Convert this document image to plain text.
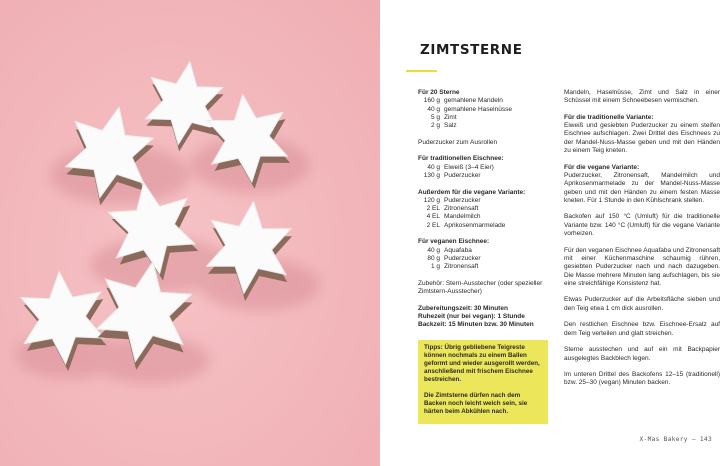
ZIMTSTERNE
Für 20 Sterne
160 g gemahlene Mandeln
40 g gemahlene Haselnüsse
5 g Zimt
2 g Salz
Puderzucker zum Ausrollen
Für traditionellen Eischnee:
40 g Eiweiß (3–4 Eier)
130 g Puderzucker
Außerdem für die vegane Variante:
120 g Puderzucker
2 EL Zitronensaft
4 EL Mandelmilch
2 EL Aprikosenmarmelade
Für veganen Eischnee:
40 g Aquafaba
80 g Puderzucker
1 g Zitronensaft
Zubehör: Stern-Ausstecher (oder spezieller Zimtstern-Ausstecher)
Zubereitungszeit: 30 Minuten
Ruhezeit (nur bei vegan): 1 Stunde
Backzeit: 15 Minuten bzw. 30 Minuten

Tipps: Übrig gebliebene Teigreste können nochmals zu einem Ballen geformt und wieder ausgerollt werden, anschließend mit frischem Eischnee bestreichen.

Die Zimtsterne dürfen nach dem Backen noch leicht weich sein, sie härten beim Abkühlen nach.

Mandeln, Haselnüsse, Zimt und Salz in einer Schüssel mit einem Schneebesen vermischen.
Für die traditionelle Variante:
Eiweiß und gesiebten Puderzucker zu einem steifen Eischnee aufschlagen. Zwei Drittel des Eischnees zu der Mandel-Nuss-Masse geben und mit den Händen zu einem Teig kneten.
Für die vegane Variante:
Puderzucker, Zitronensaft, Mandelmilch und Aprikosenmarmelade zu der Mandel-Nuss-Masse geben und mit den Händen zu einem festen Masse kneten. Für 1 Stunde in den Kühlschrank stellen.
Backofen auf 150 °C (Umluft) für die traditionelle Variante bzw. 140 °C (Umluft) für die vegane Variante vorheizen.
Für den veganen Eischnee Aquafaba und Zitronensaft mit einer Küchenmaschine schaumig rühren, gesiebten Puderzucker nach und nach dazugeben. Die Masse mehrere Minuten lang aufschlagen, bis sie eine streichfähige Konsistenz hat.
Etwas Puderzucker auf die Arbeitsfläche sieben und den Teig etwa 1 cm dick ausrollen.
Den restlichen Eischnee bzw. Eischnee-Ersatz auf dem Teig verteilen und glatt streichen.
Sterne ausstechen und auf ein mit Backpapier ausgelegtes Backblech legen.
Im unteren Drittel des Backofens 12–15 (traditionell) bzw. 25–30 (vegan) Minuten backen.
X-Mas Bakery – 143
